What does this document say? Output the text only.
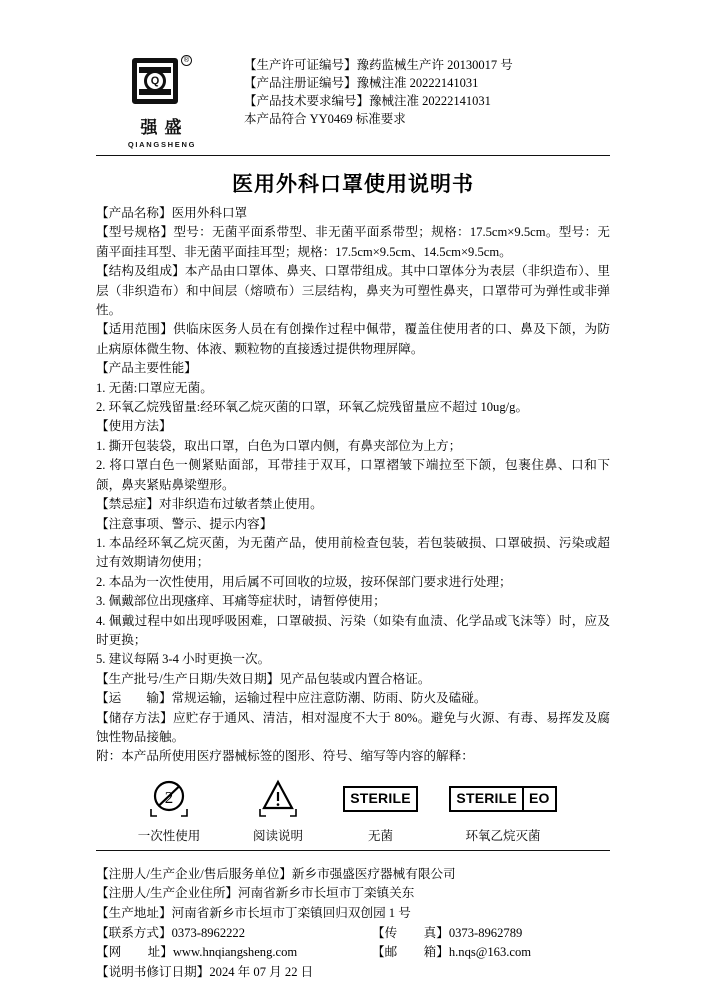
Q
®
强盛
QIANGSHENG
【生产许可证编号】豫药监械生产许 20130017 号
【产品注册证编号】豫械注准 20222141031
【产品技术要求编号】豫械注准 20222141031
本产品符合 YY0469 标准要求
医用外科口罩使用说明书

【产品名称】医用外科口罩

【型号规格】型号：无菌平面系带型、非无菌平面系带型；规格：17.5cm×9.5cm。型号：无菌平面挂耳型、非无菌平面挂耳型；规格：17.5cm×9.5cm、14.5cm×9.5cm。

【结构及组成】本产品由口罩体、鼻夹、口罩带组成。其中口罩体分为表层（非织造布）、里层（非织造布）和中间层（熔喷布）三层结构，鼻夹为可塑性鼻夹，口罩带可为弹性或非弹性。

【适用范围】供临床医务人员在有创操作过程中佩带，覆盖住使用者的口、鼻及下颌，为防止病原体微生物、体液、颗粒物的直接透过提供物理屏障。

【产品主要性能】

1. 无菌:口罩应无菌。

2. 环氧乙烷残留量:经环氧乙烷灭菌的口罩，环氧乙烷残留量应不超过 10ug/g。

【使用方法】

1. 撕开包装袋，取出口罩，白色为口罩内侧，有鼻夹部位为上方；

2. 将口罩白色一侧紧贴面部，耳带挂于双耳，口罩褶皱下端拉至下颌，包裹住鼻、口和下颌，鼻夹紧贴鼻梁塑形。

【禁忌症】对非织造布过敏者禁止使用。

【注意事项、警示、提示内容】

1. 本品经环氧乙烷灭菌，为无菌产品，使用前检查包装，若包装破损、口罩破损、污染或超过有效期请勿使用；

2. 本品为一次性使用，用后属不可回收的垃圾，按环保部门要求进行处理；

3. 佩戴部位出现瘙痒、耳痛等症状时，请暂停使用；

4. 佩戴过程中如出现呼吸困难，口罩破损、污染（如染有血渍、化学品或飞沫等）时，应及时更换；

5. 建议每隔 3-4 小时更换一次。

【生产批号/生产日期/失效日期】见产品包装或内置合格证。

【运　　输】常规运输，运输过程中应注意防潮、防雨、防火及磕碰。

【储存方法】应贮存于通风、清洁，相对湿度不大于 80%。避免与火源、有毒、易挥发及腐蚀性物品接触。

附：本产品所使用医疗器械标签的图形、符号、缩写等内容的解释：

2
一次性使用	阅读说明
STERILE
无菌
STERILE EO
环氧乙烷灭菌

【注册人/生产企业/售后服务单位】新乡市强盛医疗器械有限公司

【注册人/生产企业住所】河南省新乡市长垣市丁栾镇关东

【生产地址】河南省新乡市长垣市丁栾镇回归双创园 1 号

【联系方式】0373-8962222	【传 真】0373-8962789

【网 址】www.hnqiangsheng.com	【邮 箱】h.nqs@163.com

【说明书修订日期】2024 年 07 月 22 日
